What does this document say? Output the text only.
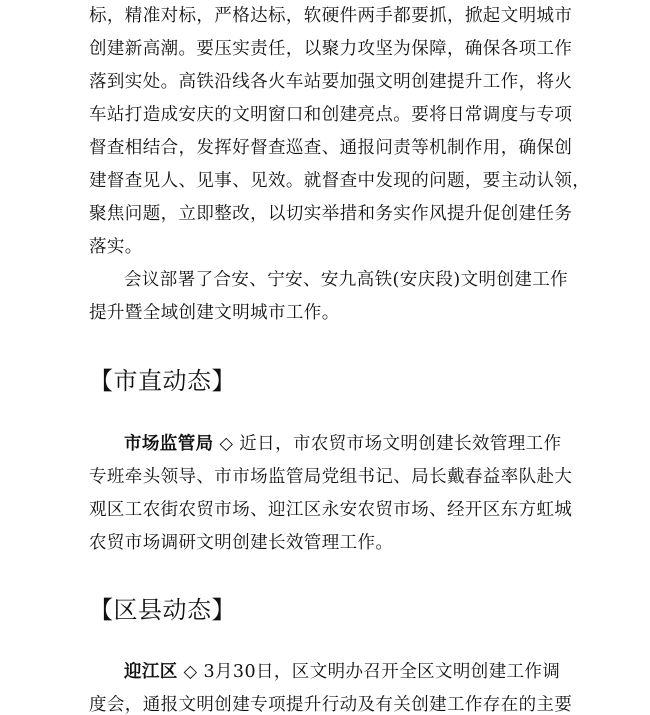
标，精准对标，严格达标，软硬件两手都要抓，掀起文明城市
创建新高潮。要压实责任，以聚力攻坚为保障，确保各项工作
落到实处。高铁沿线各火车站要加强文明创建提升工作，将火
车站打造成安庆的文明窗口和创建亮点。要将日常调度与专项
督查相结合，发挥好督查巡查、通报问责等机制作用，确保创
建督查见人、见事、见效。就督查中发现的问题，要主动认领，
聚焦问题，立即整改，以切实举措和务实作风提升促创建任务
落实。
会议部署了合安、宁安、安九高铁(安庆段)文明创建工作
提升暨全域创建文明城市工作。
【市直动态】
市场监管局 ◇ 近日，市农贸市场文明创建长效管理工作
专班牵头领导、市市场监管局党组书记、局长戴春益率队赴大
观区工农街农贸市场、迎江区永安农贸市场、经开区东方虹城
农贸市场调研文明创建长效管理工作。
【区县动态】
迎江区 ◇ 3月30日，区文明办召开全区文明创建工作调
度会，通报文明创建专项提升行动及有关创建工作存在的主要
